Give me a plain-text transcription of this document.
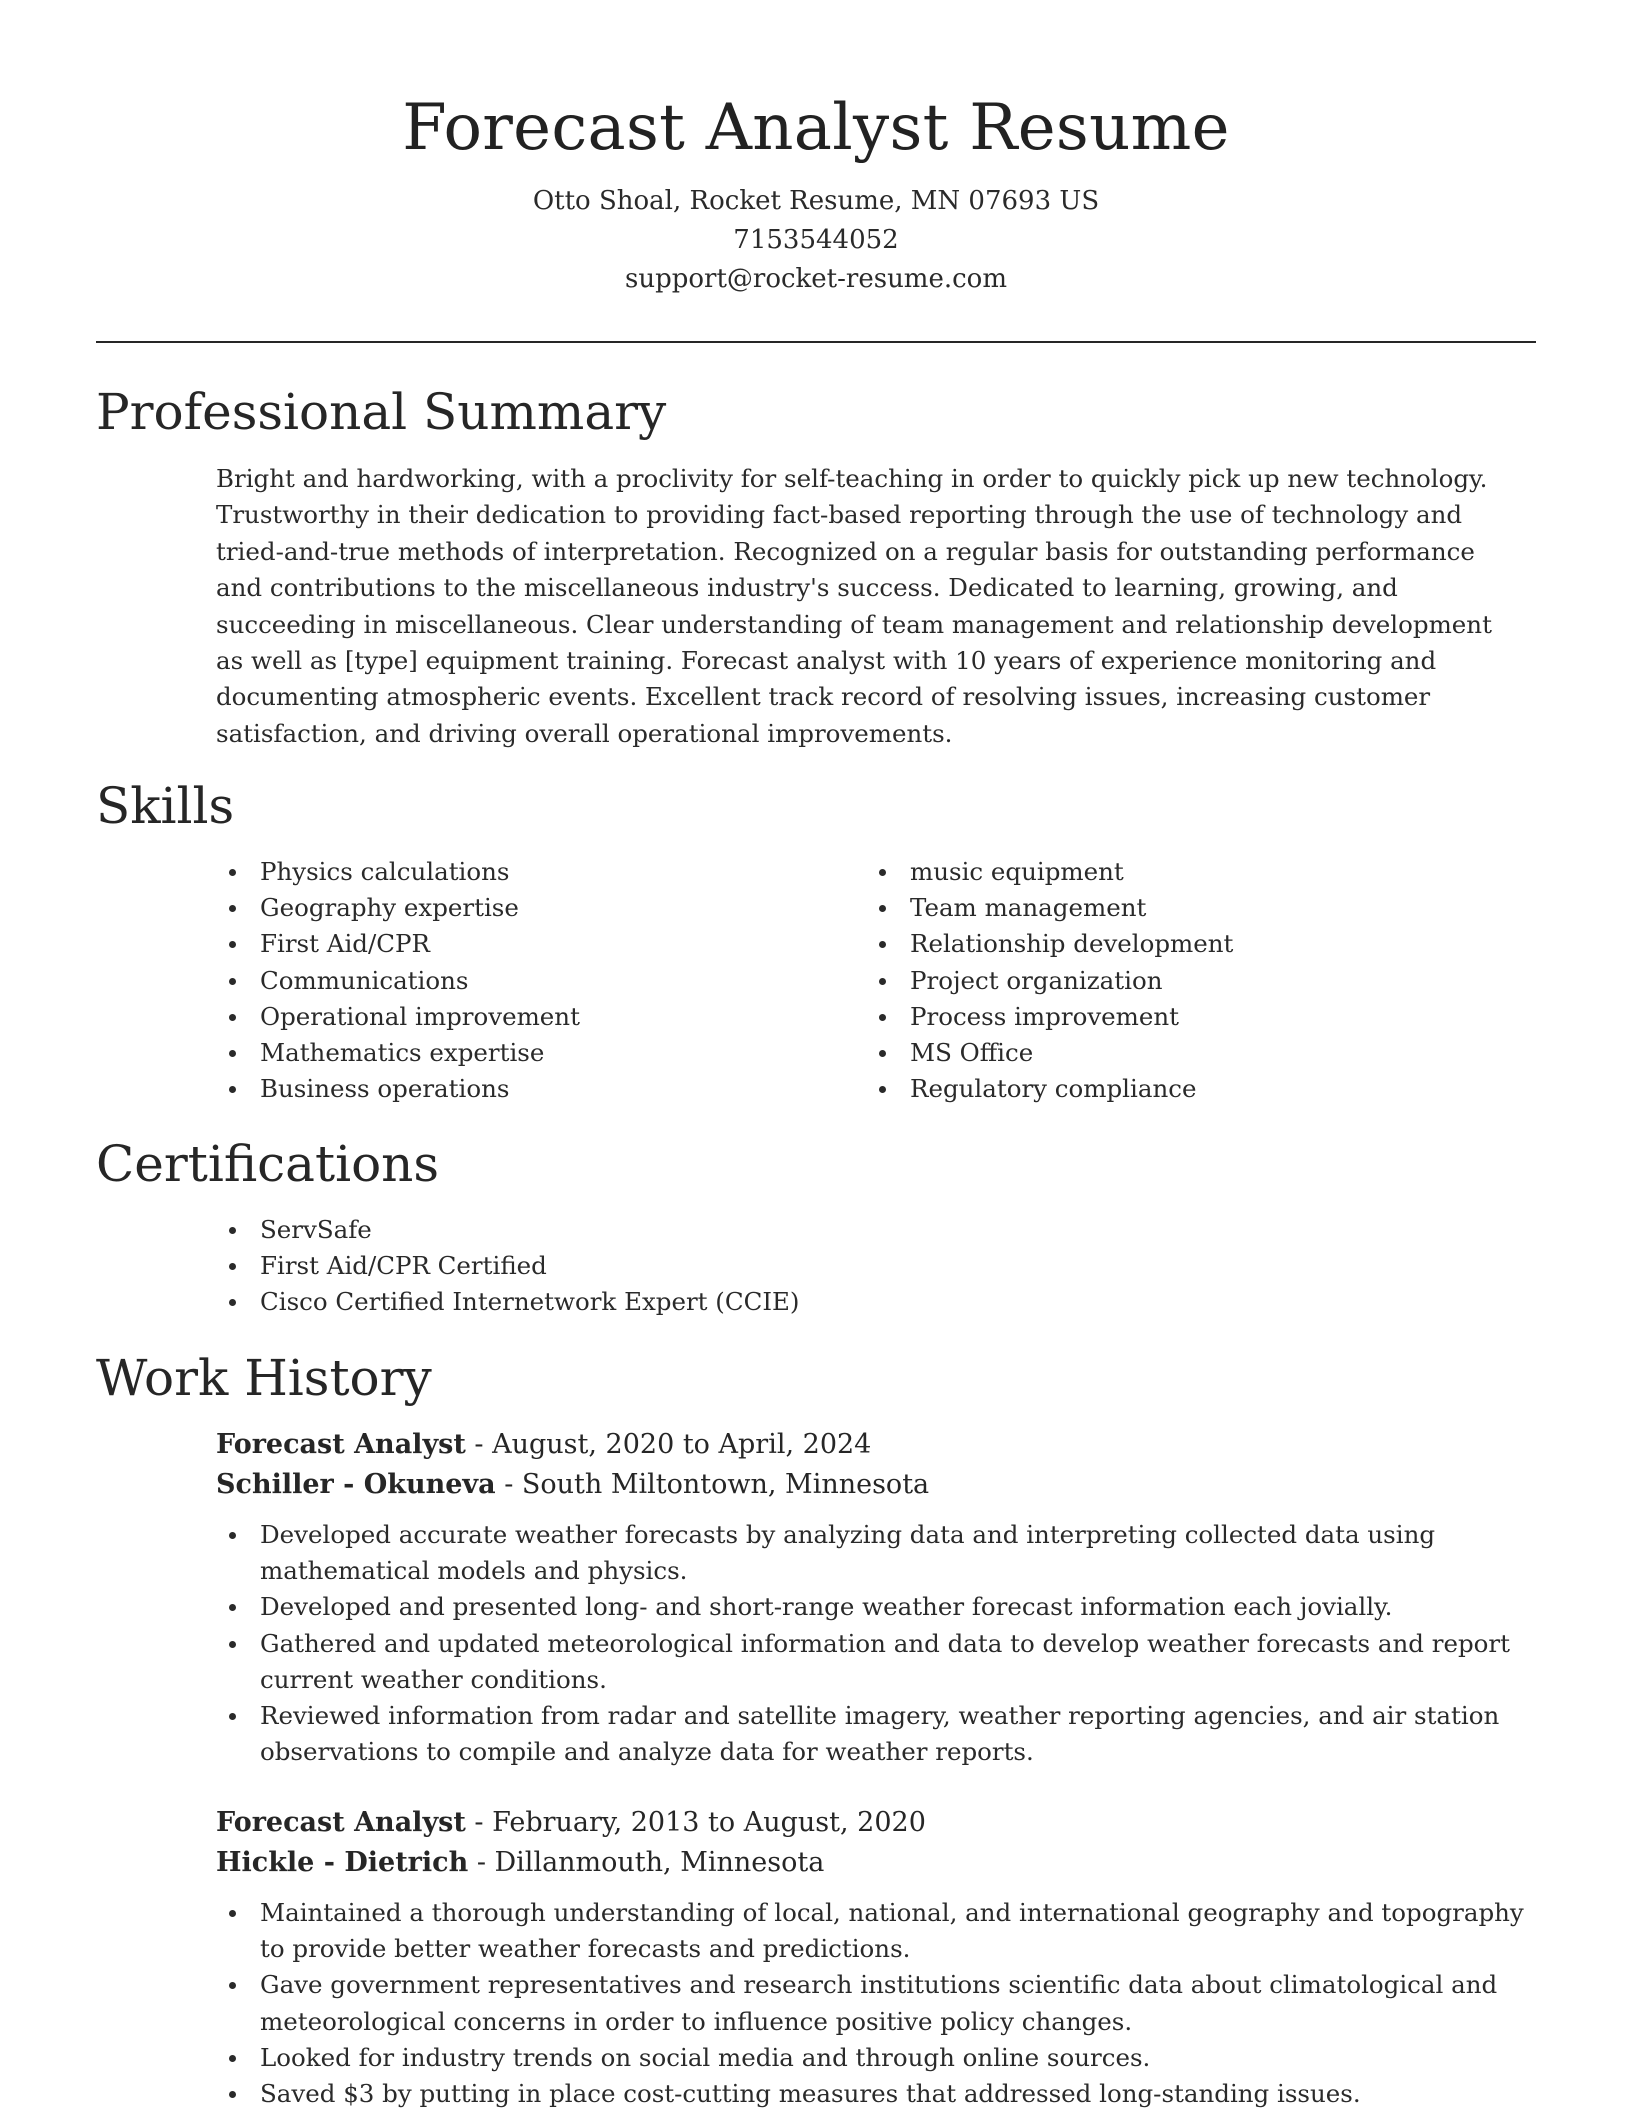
Forecast Analyst Resume

Otto Shoal, Rocket Resume, MN 07693 US

7153544052

support@rocket-resume.com

Professional Summary

Bright and hardworking, with a proclivity for self-teaching in order to quickly pick up new technology. Trustworthy in their dedication to providing fact-based reporting through the use of technology and tried-and-true methods of interpretation. Recognized on a regular basis for outstanding performance and contributions to the miscellaneous industry's success. Dedicated to learning, growing, and succeeding in miscellaneous. Clear understanding of team management and relationship development as well as [type] equipment training. Forecast analyst with 10 years of experience monitoring and documenting atmospheric events. Excellent track record of resolving issues, increasing customer satisfaction, and driving overall operational improvements.

Skills
Physics calculations
Geography expertise
First Aid/CPR
Communications
Operational improvement
Mathematics expertise
Business operations
music equipment
Team management
Relationship development
Project organization
Process improvement
MS Office
Regulatory compliance
Certifications
ServSafe
First Aid/CPR Certified
Cisco Certified Internetwork Expert (CCIE)
Work History

Forecast Analyst - August, 2020 to April, 2024

Schiller - Okuneva - South Miltontown, Minnesota

Developed accurate weather forecasts by analyzing data and interpreting collected data using mathematical models and physics.
Developed and presented long- and short-range weather forecast information each jovially.
Gathered and updated meteorological information and data to develop weather forecasts and report current weather conditions.
Reviewed information from radar and satellite imagery, weather reporting agencies, and air station observations to compile and analyze data for weather reports.

Forecast Analyst - February, 2013 to August, 2020

Hickle - Dietrich - Dillanmouth, Minnesota

Maintained a thorough understanding of local, national, and international geography and topography to provide better weather forecasts and predictions.
Gave government representatives and research institutions scientific data about climatological and meteorological concerns in order to influence positive policy changes.
Looked for industry trends on social media and through online sources.
Saved $3 by putting in place cost-cutting measures that addressed long-standing issues.
